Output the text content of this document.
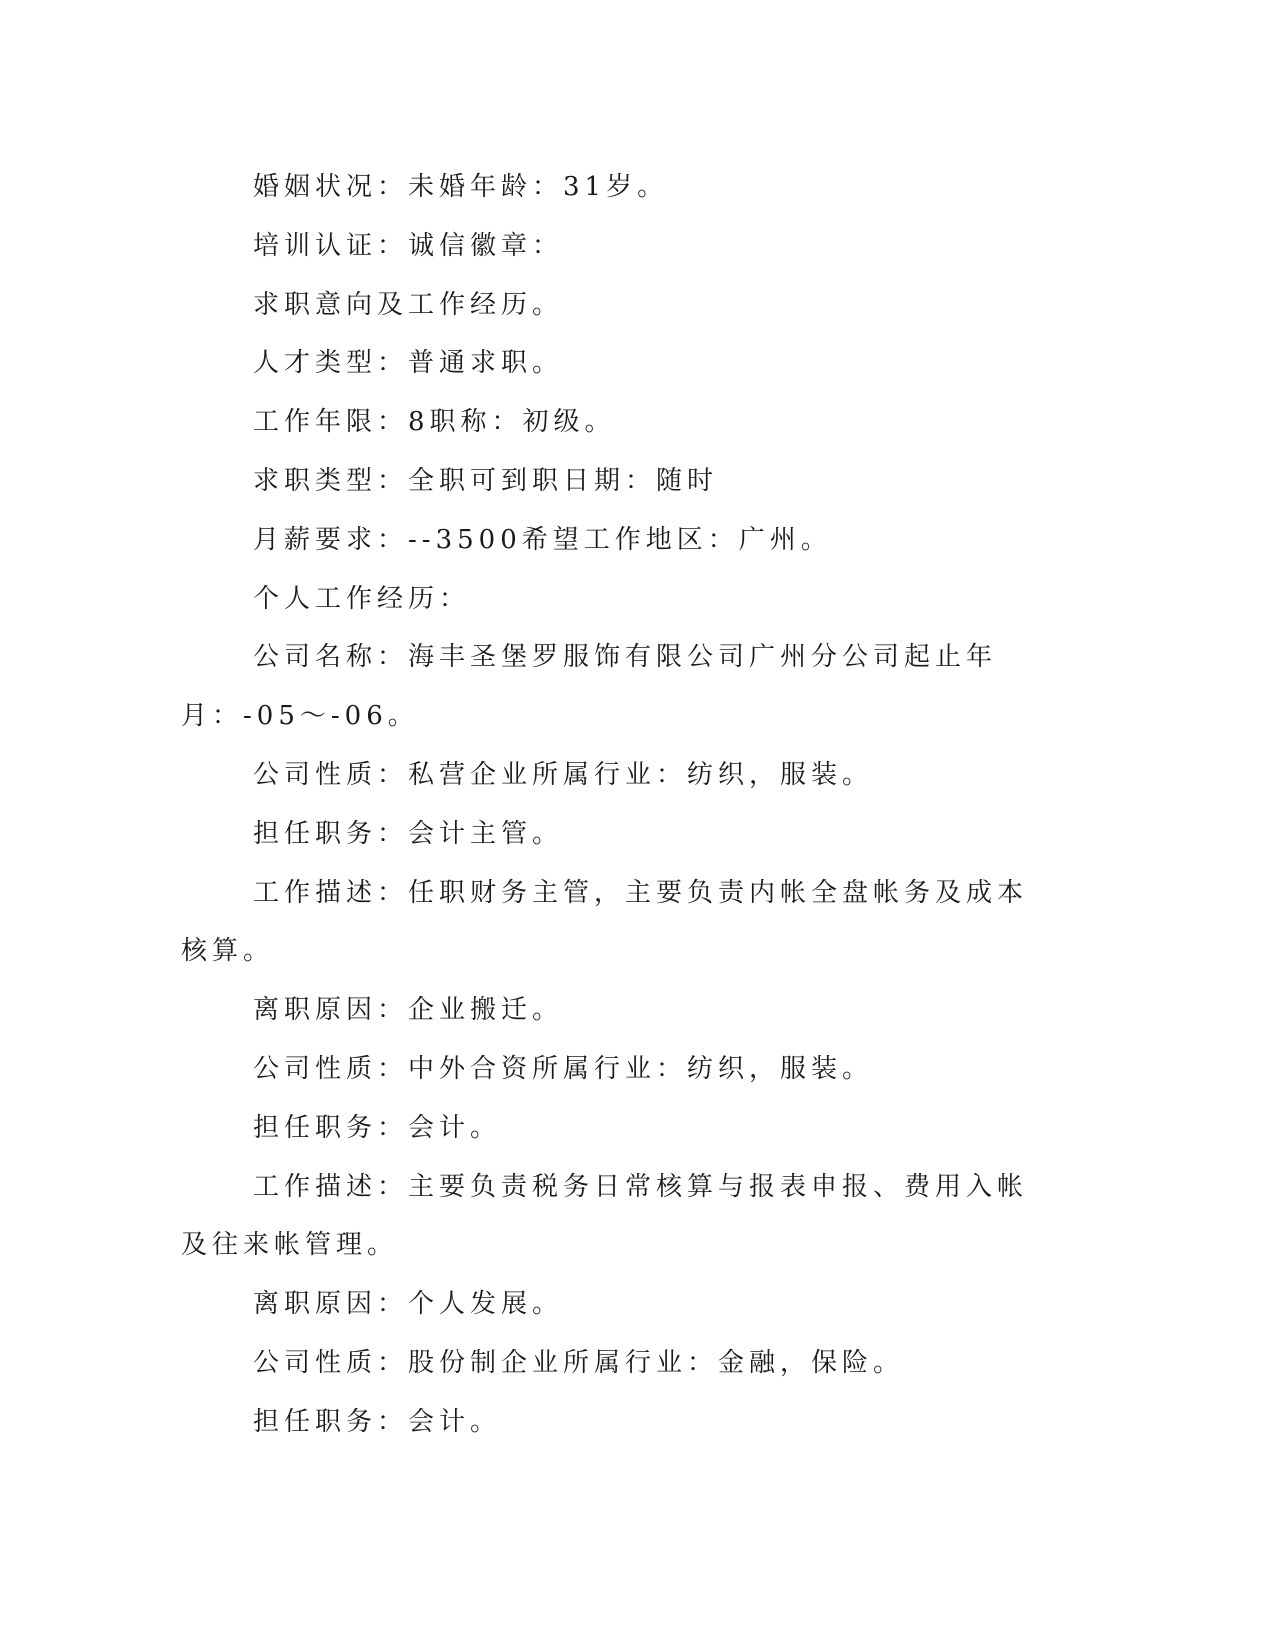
婚姻状况：未婚年龄：31岁。

培训认证：诚信徽章：

求职意向及工作经历。

人才类型：普通求职。

工作年限：8职称：初级。

求职类型：全职可到职日期：随时

月薪要求：--3500希望工作地区：广州。

个人工作经历：

公司名称：海丰圣堡罗服饰有限公司广州分公司起止年月：-05～-06。

公司性质：私营企业所属行业：纺织，服装。

担任职务：会计主管。

工作描述：任职财务主管，主要负责内帐全盘帐务及成本核算。

离职原因：企业搬迁。

公司性质：中外合资所属行业：纺织，服装。

担任职务：会计。

工作描述：主要负责税务日常核算与报表申报、费用入帐及往来帐管理。

离职原因：个人发展。

公司性质：股份制企业所属行业：金融，保险。

担任职务：会计。
